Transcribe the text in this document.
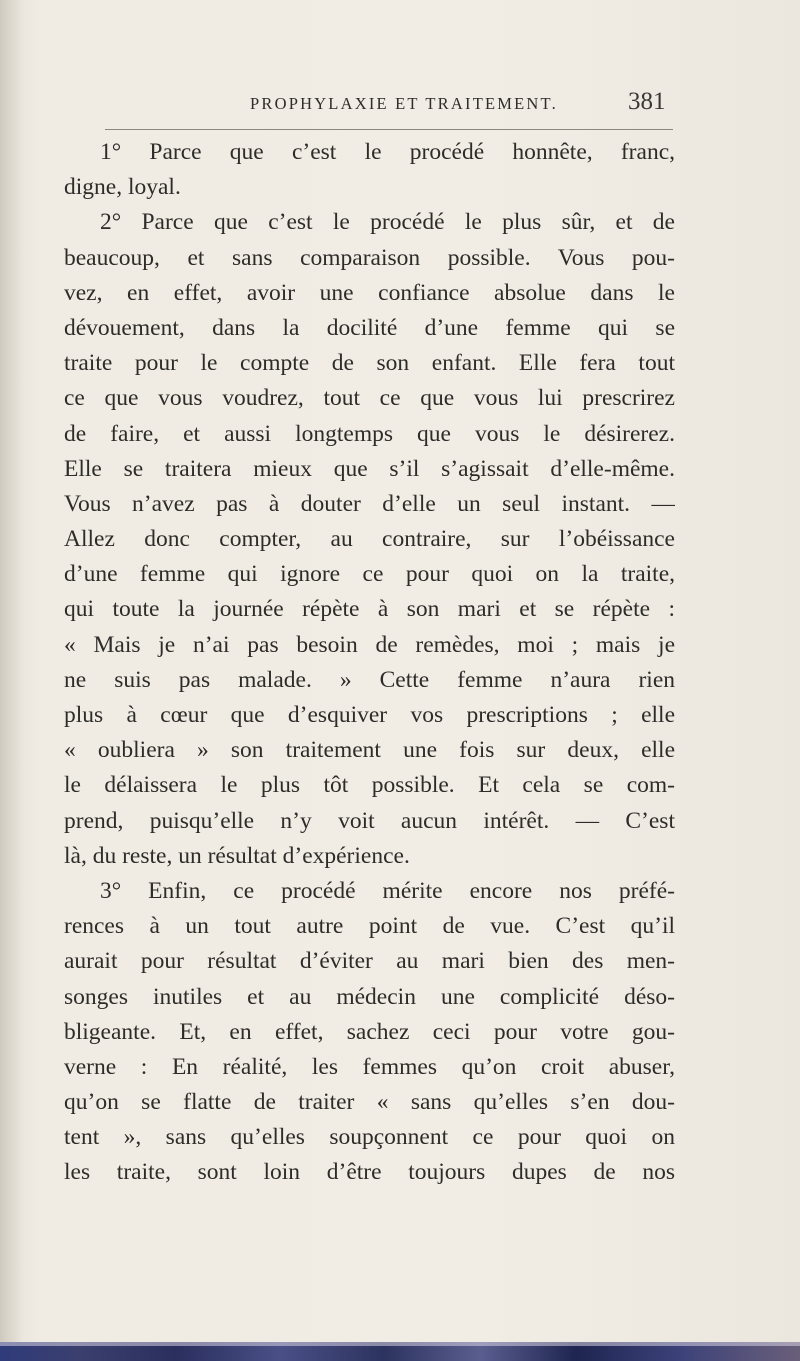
PROPHYLAXIE ET TRAITEMENT.	381
1° Parce que c’est le procédé honnête, franc,
digne, loyal.
2° Parce que c’est le procédé le plus sûr, et de
beaucoup, et sans comparaison possible. Vous pou-
vez, en effet, avoir une confiance absolue dans le
dévouement, dans la docilité d’une femme qui se
traite pour le compte de son enfant. Elle fera tout
ce que vous voudrez, tout ce que vous lui prescrirez
de faire, et aussi longtemps que vous le désirerez.
Elle se traitera mieux que s’il s’agissait d’elle-même.
Vous n’avez pas à douter d’elle un seul instant. —
Allez donc compter, au contraire, sur l’obéissance
d’une femme qui ignore ce pour quoi on la traite,
qui toute la journée répète à son mari et se répète :
« Mais je n’ai pas besoin de remèdes, moi ; mais je
ne suis pas malade. » Cette femme n’aura rien
plus à cœur que d’esquiver vos prescriptions ; elle
« oubliera » son traitement une fois sur deux, elle
le délaissera le plus tôt possible. Et cela se com-
prend, puisqu’elle n’y voit aucun intérêt. — C’est
là, du reste, un résultat d’expérience.
3° Enfin, ce procédé mérite encore nos préfé-
rences à un tout autre point de vue. C’est qu’il
aurait pour résultat d’éviter au mari bien des men-
songes inutiles et au médecin une complicité déso-
bligeante. Et, en effet, sachez ceci pour votre gou-
verne : En réalité, les femmes qu’on croit abuser,
qu’on se flatte de traiter « sans qu’elles s’en dou-
tent », sans qu’elles soupçonnent ce pour quoi on
les traite, sont loin d’être toujours dupes de nos
